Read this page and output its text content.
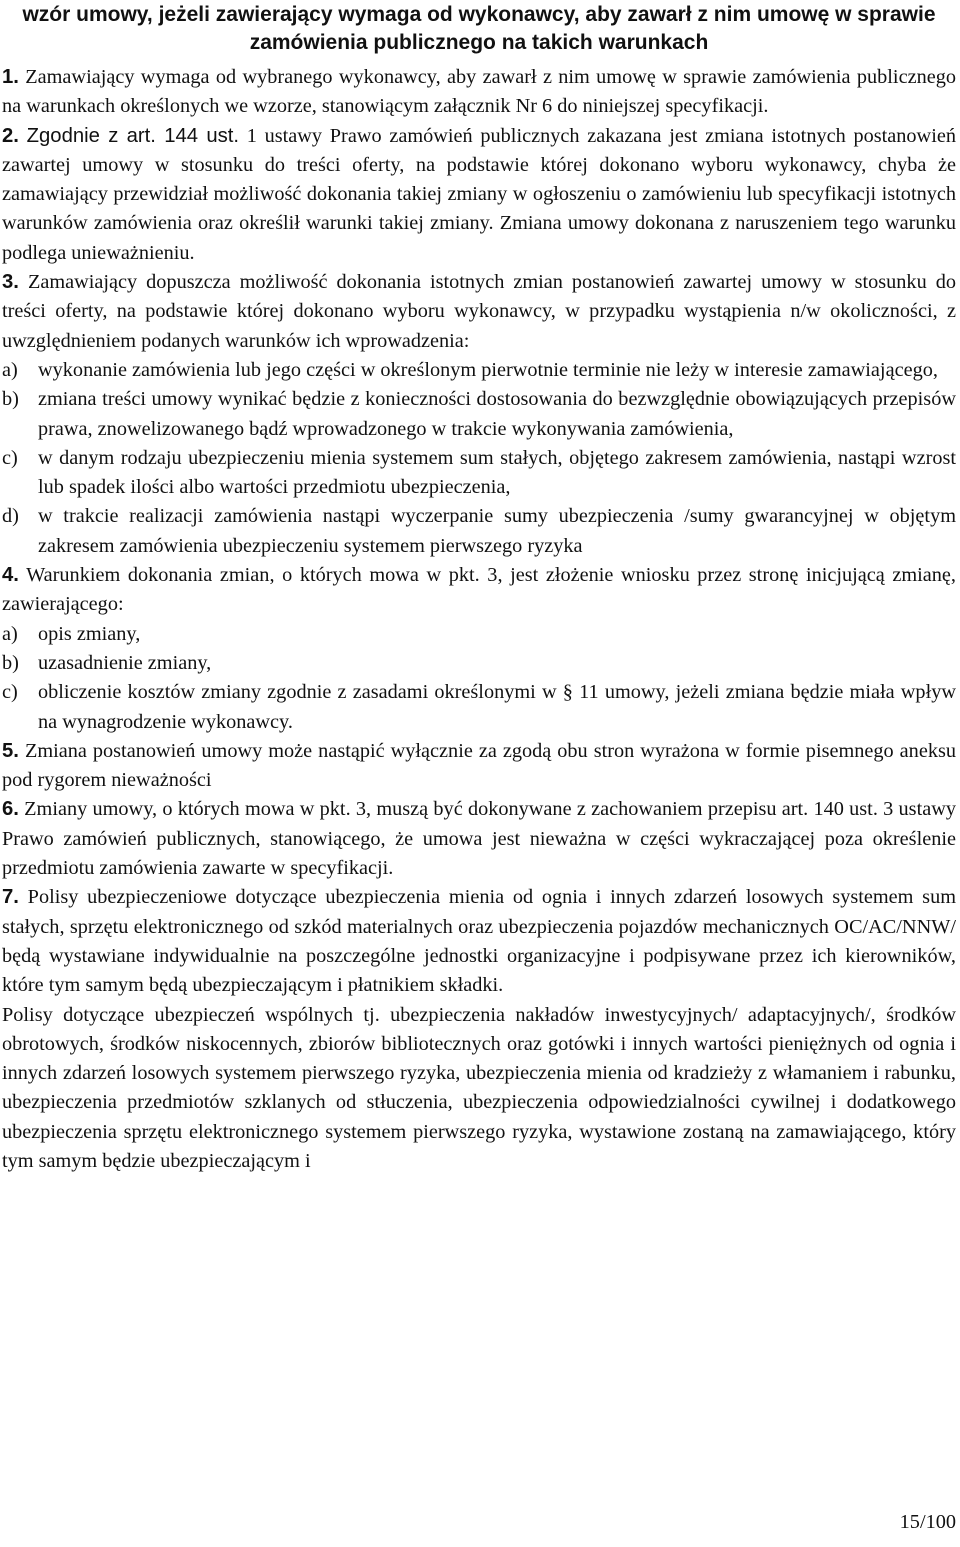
wzór umowy, jeżeli zawierający wymaga od wykonawcy, aby zawarł z nim umowę w sprawie zamówienia publicznego na takich warunkach

1. Zamawiający wymaga od wybranego wykonawcy, aby zawarł z nim umowę w sprawie zamówienia publicznego na warunkach określonych we wzorze, stanowiącym załącznik Nr 6 do niniejszej specyfikacji.

2. Zgodnie z art. 144 ust. 1 ustawy Prawo zamówień publicznych zakazana jest zmiana istotnych postanowień zawartej umowy w stosunku do treści oferty, na podstawie której dokonano wyboru wykonawcy, chyba że zamawiający przewidział możliwość dokonania takiej zmiany w ogłoszeniu o zamówieniu lub specyfikacji istotnych warunków zamówienia oraz określił warunki takiej zmiany. Zmiana umowy dokonana z naruszeniem tego warunku podlega unieważnieniu.

3. Zamawiający dopuszcza możliwość dokonania istotnych zmian postanowień zawartej umowy w stosunku do treści oferty, na podstawie której dokonano wyboru wykonawcy, w przypadku wystąpienia n/w okoliczności, z uwzględnieniem podanych warunków ich wprowadzenia:

a) wykonanie zamówienia lub jego części w określonym pierwotnie terminie nie leży w interesie zamawiającego,
b) zmiana treści umowy wynikać będzie z konieczności dostosowania do bezwzględnie obowiązujących przepisów prawa, znowelizowanego bądź wprowadzonego w trakcie wykonywania zamówienia,
c) w danym rodzaju ubezpieczeniu mienia systemem sum stałych, objętego zakresem zamówienia, nastąpi wzrost lub spadek ilości albo wartości przedmiotu ubezpieczenia,
d) w trakcie realizacji zamówienia nastąpi wyczerpanie sumy ubezpieczenia /sumy gwarancyjnej w objętym zakresem zamówienia ubezpieczeniu systemem pierwszego ryzyka

4. Warunkiem dokonania zmian, o których mowa w pkt. 3, jest złożenie wniosku przez stronę inicjującą zmianę, zawierającego:

a) opis zmiany,
b) uzasadnienie zmiany,
c) obliczenie kosztów zmiany zgodnie z zasadami określonymi w § 11 umowy, jeżeli zmiana będzie miała wpływ na wynagrodzenie wykonawcy.

5. Zmiana postanowień umowy może nastąpić wyłącznie za zgodą obu stron wyrażona w formie pisemnego aneksu pod rygorem nieważności

6. Zmiany umowy, o których mowa w pkt. 3, muszą być dokonywane z zachowaniem przepisu art. 140 ust. 3 ustawy Prawo zamówień publicznych, stanowiącego, że umowa jest nieważna w części wykraczającej poza określenie przedmiotu zamówienia zawarte w specyfikacji.

7. Polisy ubezpieczeniowe dotyczące ubezpieczenia mienia od ognia i innych zdarzeń losowych systemem sum stałych, sprzętu elektronicznego od szkód materialnych oraz ubezpieczenia pojazdów mechanicznych OC/AC/NNW/ będą wystawiane indywidualnie na poszczególne jednostki organizacyjne i podpisywane przez ich kierowników, które tym samym będą ubezpieczającym i płatnikiem składki.

Polisy dotyczące ubezpieczeń wspólnych tj. ubezpieczenia nakładów inwestycyjnych/ adaptacyjnych/, środków obrotowych, środków niskocennych, zbiorów bibliotecznych oraz gotówki i innych wartości pieniężnych od ognia i innych zdarzeń losowych systemem pierwszego ryzyka, ubezpieczenia mienia od kradzieży z włamaniem i rabunku, ubezpieczenia przedmiotów szklanych od stłuczenia, ubezpieczenia odpowiedzialności cywilnej i dodatkowego ubezpieczenia sprzętu elektronicznego systemem pierwszego ryzyka, wystawione zostaną na zamawiającego, który tym samym będzie ubezpieczającym i

15/100
